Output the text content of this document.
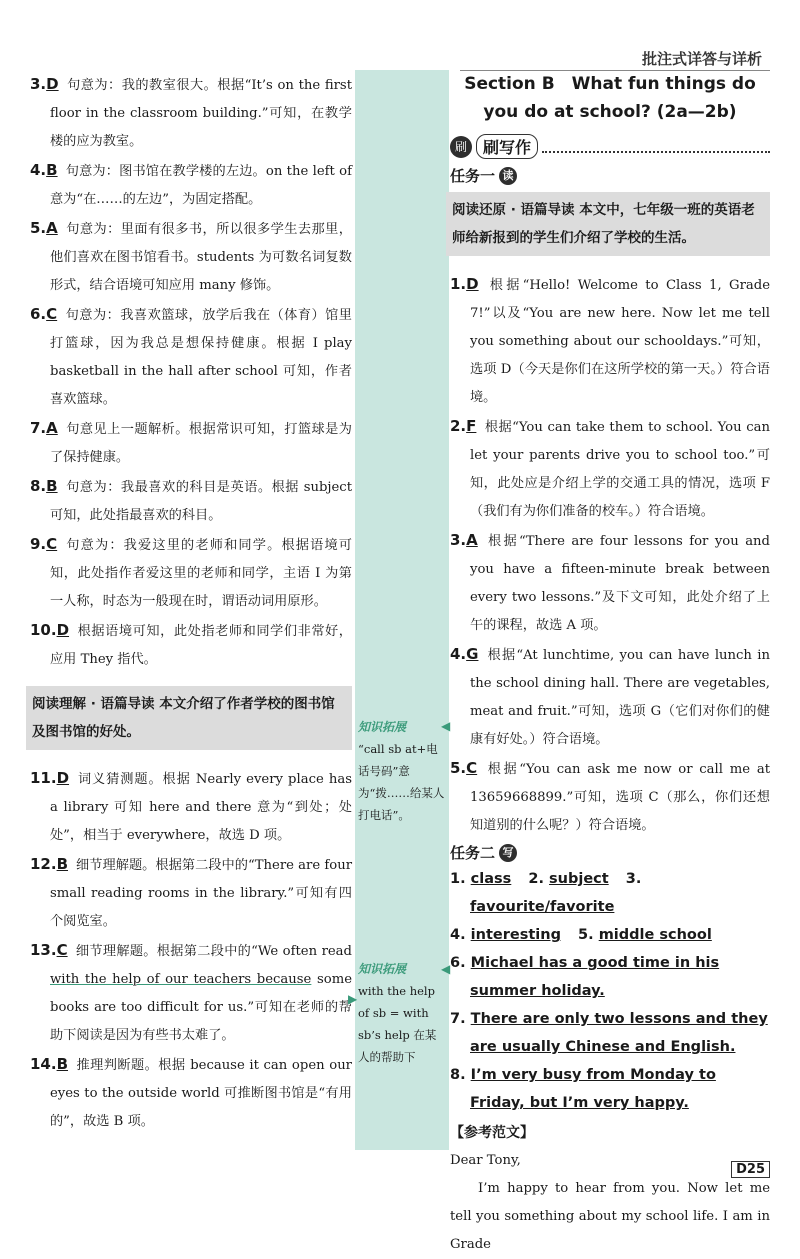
批注式详答与详析

3.D 句意为：我的教室很大。根据“It’s on the first floor in the classroom building.”可知，在教学楼的应为教室。

4.B 句意为：图书馆在教学楼的左边。on the left of 意为“在……的左边”，为固定搭配。

5.A 句意为：里面有很多书，所以很多学生去那里，他们喜欢在图书馆看书。students 为可数名词复数形式，结合语境可知应用 many 修饰。

6.C 句意为：我喜欢篮球，放学后我在（体育）馆里打篮球，因为我总是想保持健康。根据 I play basketball in the hall after school 可知，作者喜欢篮球。

7.A 句意见上一题解析。根据常识可知，打篮球是为了保持健康。

8.B 句意为：我最喜欢的科目是英语。根据 subject 可知，此处指最喜欢的科目。

9.C 句意为：我爱这里的老师和同学。根据语境可知，此处指作者爱这里的老师和同学，主语 I 为第一人称，时态为一般现在时，谓语动词用原形。

10.D 根据语境可知，此处指老师和同学们非常好，应用 They 指代。

阅读理解 · 语篇导读 本文介绍了作者学校的图书馆及图书馆的好处。

11.D 词义猜测题。根据 Nearly every place has a library 可知 here and there 意为“到处；处处”，相当于 everywhere，故选 D 项。

12.B 细节理解题。根据第二段中的“There are four small reading rooms in the library.”可知有四个阅览室。

13.C 细节理解题。根据第二段中的“We often read with the help of our teachers because some books are too difficult for us.”可知在老师的帮助下阅读是因为有些书太难了。

14.B 推理判断题。根据 because it can open our eyes to the outside world 可推断图书馆是“有用的”，故选 B 项。

知识拓展
“call sb at+电话号码”意为“拨……给某人打电话”。
◀
知识拓展
with the help of sb = with sb’s help 在某人的帮助下
◀
▶
Section B　What fun things do you do at school? (2a—2b)
刷	刷写作
任务一 读
阅读还原 · 语篇导读 本文中，七年级一班的英语老师给新报到的学生们介绍了学校的生活。

1.D 根据“Hello! Welcome to Class 1, Grade 7!”以及“You are new here. Now let me tell you something about our schooldays.”可知，选项 D（今天是你们在这所学校的第一天。）符合语境。

2.F 根据“You can take them to school. You can let your parents drive you to school too.”可知，此处应是介绍上学的交通工具的情况，选项 F（我们有为你们准备的校车。）符合语境。

3.A 根据“There are four lessons for you and you have a fifteen-minute break between every two lessons.”及下文可知，此处介绍了上午的课程，故选 A 项。

4.G 根据“At lunchtime, you can have lunch in the school dining hall. There are vegetables, meat and fruit.”可知，选项 G（它们对你们的健康有好处。）符合语境。

5.C 根据“You can ask me now or call me at 13659668899.”可知，选项 C（那么，你们还想知道别的什么呢？）符合语境。

任务二 写

1. class 2. subject 3. favourite/favorite

4. interesting 5. middle school

6. Michael has a good time in his summer holiday.

7. There are only two lessons and they are usually Chinese and English.

8. I’m very busy from Monday to Friday, but I’m very happy.

【参考范文】

Dear Tony,

I’m happy to hear from you. Now let me tell you something about my school life. I am in Grade

D25
